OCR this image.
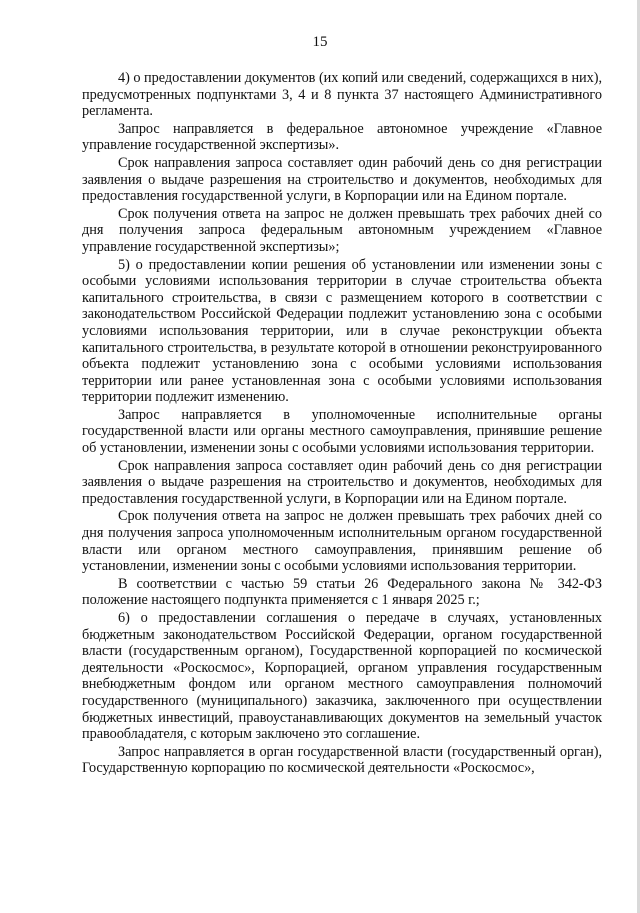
15

4) о предоставлении документов (их копий или сведений, содержащихся в них), предусмотренных подпунктами 3, 4 и 8 пункта 37 настоящего Административного регламента.

Запрос направляется в федеральное автономное учреждение «Главное управление государственной экспертизы».

Срок направления запроса составляет один рабочий день со дня регистрации заявления о выдаче разрешения на строительство и документов, необходимых для предоставления государственной услуги, в Корпорации или на Едином портале.

Срок получения ответа на запрос не должен превышать трех рабочих дней со дня получения запроса федеральным автономным учреждением «Главное управление государственной экспертизы»;

5) о предоставлении копии решения об установлении или изменении зоны с особыми условиями использования территории в случае строительства объекта капитального строительства, в связи с размещением которого в соответствии с законодательством Российской Федерации подлежит установлению зона с особыми условиями использования территории, или в случае реконструкции объекта капитального строительства, в результате которой в отношении реконструированного объекта подлежит установлению зона с особыми условиями использования территории или ранее установленная зона с особыми условиями использования территории подлежит изменению.

Запрос направляется в уполномоченные исполнительные органы государственной власти или органы местного самоуправления, принявшие решение об установлении, изменении зоны с особыми условиями использования территории.

Срок направления запроса составляет один рабочий день со дня регистрации заявления о выдаче разрешения на строительство и документов, необходимых для предоставления государственной услуги, в Корпорации или на Едином портале.

Срок получения ответа на запрос не должен превышать трех рабочих дней со дня получения запроса уполномоченным исполнительным органом государственной власти или органом местного самоуправления, принявшим решение об установлении, изменении зоны с особыми условиями использования территории.

В соответствии с частью 59 статьи 26 Федерального закона № 342-ФЗ положение настоящего подпункта применяется с 1 января 2025 г.;

6) о предоставлении соглашения о передаче в случаях, установленных бюджетным законодательством Российской Федерации, органом государственной власти (государственным органом), Государственной корпорацией по космической деятельности «Роскосмос», Корпорацией, органом управления государственным внебюджетным фондом или органом местного самоуправления полномочий государственного (муниципального) заказчика, заключенного при осуществлении бюджетных инвестиций, правоустанавливающих документов на земельный участок правообладателя, с которым заключено это соглашение.

Запрос направляется в орган государственной власти (государственный орган), Государственную корпорацию по космической деятельности «Роскосмос»,
